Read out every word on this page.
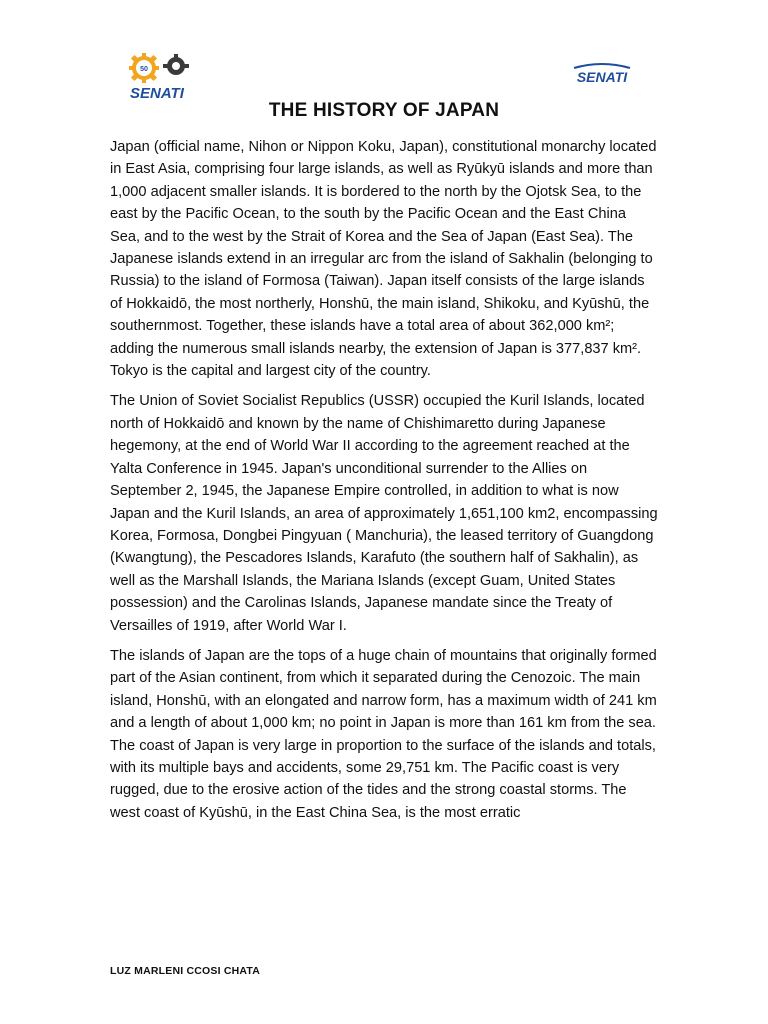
50
SENATI
SENATI
THE HISTORY OF JAPAN

Japan (official name, Nihon or Nippon Koku, Japan), constitutional monarchy located in East Asia, comprising four large islands, as well as Ryūkyū islands and more than 1,000 adjacent smaller islands. It is bordered to the north by the Ojotsk Sea, to the east by the Pacific Ocean, to the south by the Pacific Ocean and the East China Sea, and to the west by the Strait of Korea and the Sea of Japan (East Sea). The Japanese islands extend in an irregular arc from the island of Sakhalin (belonging to Russia) to the island of Formosa (Taiwan). Japan itself consists of the large islands of Hokkaidō, the most northerly, Honshū, the main island, Shikoku, and Kyūshū, the southernmost. Together, these islands have a total area of about 362,000 km²; adding the numerous small islands nearby, the extension of Japan is 377,837 km². Tokyo is the capital and largest city of the country.

The Union of Soviet Socialist Republics (USSR) occupied the Kuril Islands, located north of Hokkaidō and known by the name of Chishimaretto during Japanese hegemony, at the end of World War II according to the agreement reached at the Yalta Conference in 1945. Japan's unconditional surrender to the Allies on September 2, 1945, the Japanese Empire controlled, in addition to what is now Japan and the Kuril Islands, an area of approximately 1,651,100 km2, encompassing Korea, Formosa, Dongbei Pingyuan ( Manchuria), the leased territory of Guangdong (Kwangtung), the Pescadores Islands, Karafuto (the southern half of Sakhalin), as well as the Marshall Islands, the Mariana Islands (except Guam, United States possession) and the Carolinas Islands, Japanese mandate since the Treaty of Versailles of 1919, after World War I.

The islands of Japan are the tops of a huge chain of mountains that originally formed part of the Asian continent, from which it separated during the Cenozoic. The main island, Honshū, with an elongated and narrow form, has a maximum width of 241 km and a length of about 1,000 km; no point in Japan is more than 161 km from the sea. The coast of Japan is very large in proportion to the surface of the islands and totals, with its multiple bays and accidents, some 29,751 km. The Pacific coast is very rugged, due to the erosive action of the tides and the strong coastal storms. The west coast of Kyūshū, in the East China Sea, is the most erratic

LUZ MARLENI CCOSI CHATA
